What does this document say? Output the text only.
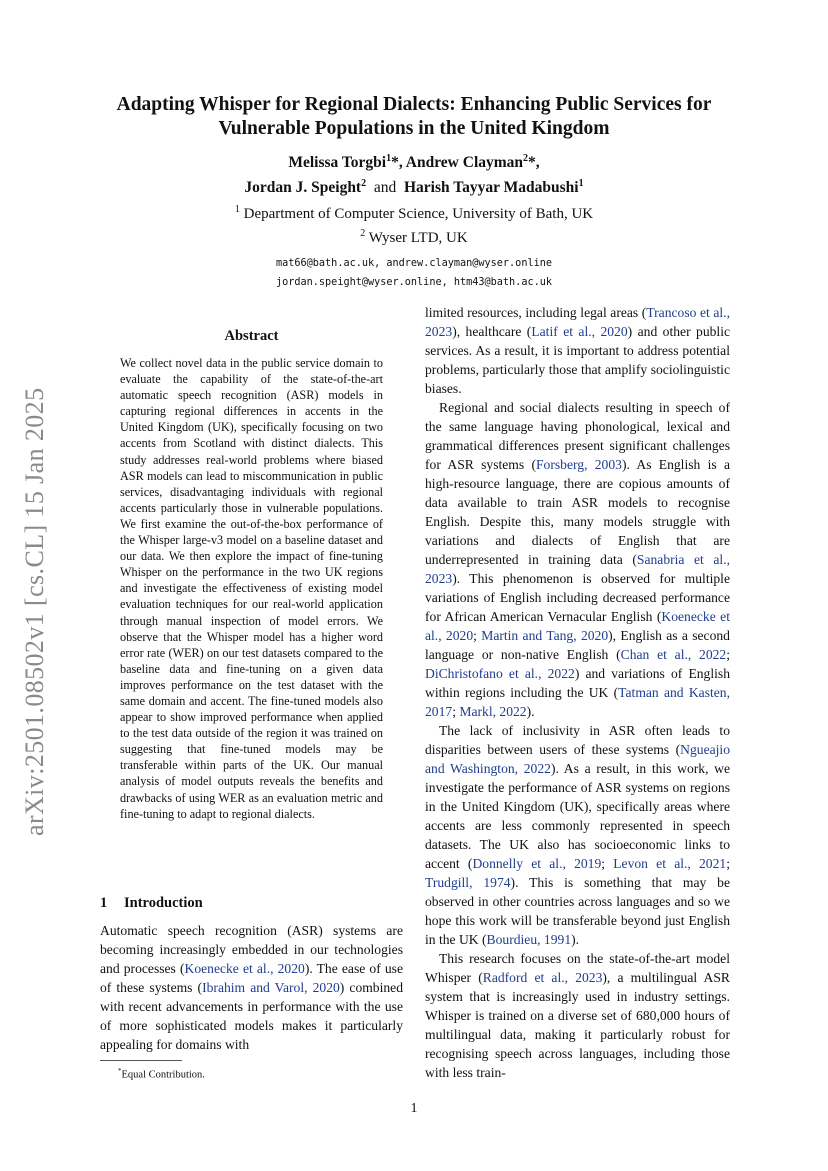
arXiv:2501.08502v1 [cs.CL] 15 Jan 2025
Adapting Whisper for Regional Dialects: Enhancing Public Services for Vulnerable Populations in the United Kingdom
Melissa Torgbi$^1$*, Andrew Clayman$^2$*,
Jordan J. Speight$^2$ and Harish Tayyar Madabushi$^1$
$^1$ Department of Computer Science, University of Bath, UK
$^2$ Wyser LTD, UK
mat66@bath.ac.uk, andrew.clayman@wyser.online
jordan.speight@wyser.online, htm43@bath.ac.uk
Abstract
We collect novel data in the public service domain to evaluate the capability of the state-of-the-art automatic speech recognition (ASR) models in capturing regional differences in accents in the United Kingdom (UK), specifically focusing on two accents from Scotland with distinct dialects. This study addresses real-world problems where biased ASR models can lead to miscommunication in public services, disadvantaging individuals with regional accents particularly those in vulnerable populations. We first examine the out-of-the-box performance of the Whisper large-v3 model on a baseline dataset and our data. We then explore the impact of fine-tuning Whisper on the performance in the two UK regions and investigate the effectiveness of existing model evaluation techniques for our real-world application through manual inspection of model errors. We observe that the Whisper model has a higher word error rate (WER) on our test datasets compared to the baseline data and fine-tuning on a given data improves performance on the test dataset with the same domain and accent. The fine-tuned models also appear to show improved performance when applied to the test data outside of the region it was trained on suggesting that fine-tuned models may be transferable within parts of the UK. Our manual analysis of model outputs reveals the benefits and drawbacks of using WER as an evaluation metric and fine-tuning to adapt to regional dialects.
1 Introduction
Automatic speech recognition (ASR) systems are becoming increasingly embedded in our technologies and processes (Koenecke et al., 2020). The ease of use of these systems (Ibrahim and Varol, 2020) combined with recent advancements in performance with the use of more sophisticated models makes it particularly appealing for domains with
*Equal Contribution.

limited resources, including legal areas (Trancoso et al., 2023), healthcare (Latif et al., 2020) and other public services. As a result, it is important to address potential problems, particularly those that amplify sociolinguistic biases.

Regional and social dialects resulting in speech of the same language having phonological, lexical and grammatical differences present significant challenges for ASR systems (Forsberg, 2003). As English is a high-resource language, there are copious amounts of data available to train ASR models to recognise English. Despite this, many models struggle with variations and dialects of English that are underrepresented in training data (Sanabria et al., 2023). This phenomenon is observed for multiple variations of English including decreased performance for African American Vernacular English (Koenecke et al., 2020; Martin and Tang, 2020), English as a second language or non-native English (Chan et al., 2022; DiChristofano et al., 2022) and variations of English within regions including the UK (Tatman and Kasten, 2017; Markl, 2022).

The lack of inclusivity in ASR often leads to disparities between users of these systems (Ngueajio and Washington, 2022). As a result, in this work, we investigate the performance of ASR systems on regions in the United Kingdom (UK), specifically areas where accents are less commonly represented in speech datasets. The UK also has socioeconomic links to accent (Donnelly et al., 2019; Levon et al., 2021; Trudgill, 1974). This is something that may be observed in other countries across languages and so we hope this work will be transferable beyond just English in the UK (Bourdieu, 1991).

This research focuses on the state-of-the-art model Whisper (Radford et al., 2023), a multilingual ASR system that is increasingly used in industry settings. Whisper is trained on a diverse set of 680,000 hours of multilingual data, making it particularly robust for recognising speech across languages, including those with less train-

1
